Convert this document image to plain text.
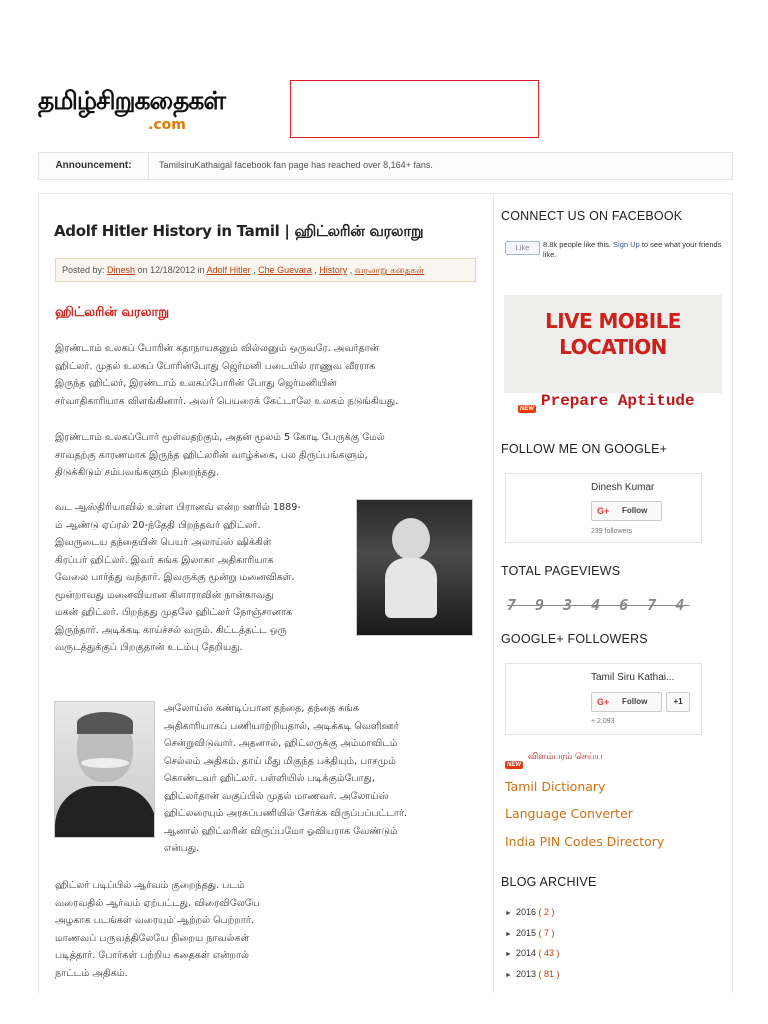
தமிழ்சிறுகதைகள்
.com
Announcement:	TamilsiruKathaigal facebook fan page has reached over 8,164+ fans.
Adolf Hitler History in Tamil | ஹிட்லரின் வரலாறு
Posted by: Dinesh on 12/18/2012 in Adolf Hitler , Che Guevara , History , வரலாறு கதைகள்
ஹிட்லரின் வரலாறு
இரண்டாம் உலகப் போரின் கதாநாயகனும் வில்லனும் ஒருவரே. அவர்தான்
ஹிட்லர். முதல் உலகப் போரின்போது ஜெர்மனி படையில் ராணுவ வீரராக
இருந்த ஹிட்லர், இரண்டாம் உலகப்போரின் போது ஜெர்மனியின்
சர்வாதிகாரியாக விளங்கினார். அவர் பெயரைக் கேட்டாலே உலகம் நடுங்கியது.
இரண்டாம் உலகப்போர் மூள்வதற்கும், அதன் மூலம் 5 கோடி பேருக்கு மேல்
சாவதற்கு காரணமாக இருந்த ஹிட்லரின் வாழ்க்கை, பல திருப்பங்களும்,
திடுக்கிடும் சம்பவங்களும் நிறைந்தது.
வட ஆஸ்திரியாவில் உள்ள பிரானவ் என்ற ஊரில் 1889-
ம் ஆண்டு ஏப்ரல் 20-ந்தேதி பிறந்தவர் ஹிட்லர்.
இவருடைய தந்தையின் பெயர் அலாய்ஸ் ஷிக்கிள்
கிரப்பர் ஹிட்லர். இவர் சுங்க இலாகா அதிகாரியாக
வேலை பார்த்து வந்தார். இவருக்கு மூன்று மனைவிகள்.
மூன்றாவது மனைவியான கிளாராவின் நான்காவது
மகன் ஹிட்லர். பிறந்தது முதலே ஹிட்லர் நோஞ்சானாக
இருந்தார். அடிக்கடி காய்ச்சல் வரும். கிட்டத்தட்ட ஒரு
வருடத்துக்குப் பிறகுதான் உடம்பு தேறியது.
அலோய்ஸ் கண்டிப்பான தந்தை, தந்தை சுங்க
அதிகாரியாகப் பணியாற்றியதால், அடிக்கடி வெளிஊர்
சென்றுவிடுவார். அதனால், ஹிட்லருக்கு அம்மாவிடம்
செல்லம் அதிகம். தாய் மீது மிகுந்த பக்தியும், பாசமும்
கொண்டவர் ஹிட்லர். பள்ளியில் படிக்கும்போது,
ஹிட்லர்தான் வகுப்பில் முதல் மாணவர். அலோய்ஸ்
ஹிட்லரையும் அரசுப்பணியில் சேர்க்க விருப்பப்பட்டார்.
ஆனால் ஹிட்லரின் விருப்பமோ ஓவியராக வேண்டும்
என்பது.
ஹிட்லர் படிப்பில் ஆர்வம் குறைந்தது. படம்
வரைவதில் ஆர்வம் ஏற்பட்டது. விரைவிலேயே
அழகாக படங்கள் வரையும் ஆற்றல் பெற்றார்.
மாணவப் பருவத்திலேயே நிறைய நாவல்கள்
படித்தார். போர்கள் பற்றிய கதைகள் என்றால்
நாட்டம் அதிகம்.
CONNECT US ON FACEBOOK
Like	8.8k people like this. Sign Up to see what your friends like.
LIVE MOBILE
LOCATION
NEW Prepare Aptitude
FOLLOW ME ON GOOGLE+
Dinesh Kumar
G+ Follow
239 followers
TOTAL PAGEVIEWS
7 9 3 4 6 7 4
GOOGLE+ FOLLOWERS
Tamil Siru Kathai...
G+ Follow	+1
+ 2,093
NEW
விளம்பரம் செய்ய
Tamil Dictionary
Language Converter
India PIN Codes Directory
BLOG ARCHIVE
► 2016 ( 2 )
► 2015 ( 7 )
► 2014 ( 43 )
► 2013 ( 81 )
